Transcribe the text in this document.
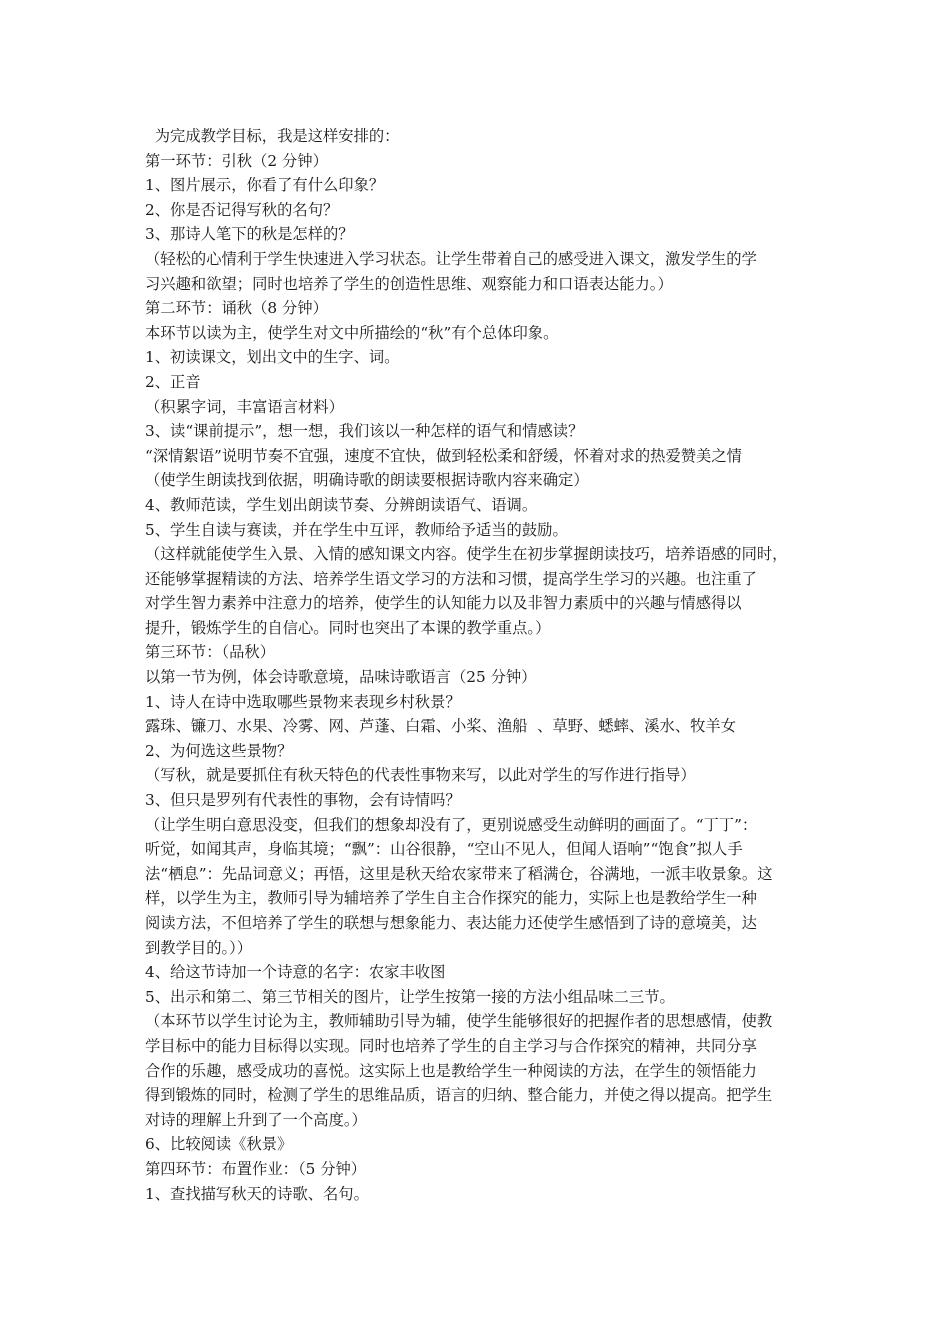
为完成教学目标，我是这样安排的：
第一环节：引秋（2 分钟）
1、图片展示，你看了有什么印象？
2、你是否记得写秋的名句？
3、那诗人笔下的秋是怎样的？
（轻松的心情利于学生快速进入学习状态。让学生带着自己的感受进入课文，激发学生的学
习兴趣和欲望；同时也培养了学生的创造性思维、观察能力和口语表达能力。）
第二环节：诵秋（8 分钟）
本环节以读为主，使学生对文中所描绘的“秋”有个总体印象。
1、初读课文，划出文中的生字、词。
2、正音
（积累字词，丰富语言材料）
3、读“课前提示”，想一想，我们该以一种怎样的语气和情感读？
“深情絮语”说明节奏不宜强，速度不宜快，做到轻松柔和舒缓，怀着对求的热爱赞美之情
（使学生朗读找到依据，明确诗歌的朗读要根据诗歌内容来确定）
4、教师范读，学生划出朗读节奏、分辨朗读语气、语调。
5、学生自读与赛读，并在学生中互评，教师给予适当的鼓励。
（这样就能使学生入景、入情的感知课文内容。使学生在初步掌握朗读技巧，培养语感的同时，
还能够掌握精读的方法、培养学生语文学习的方法和习惯，提高学生学习的兴趣。也注重了
对学生智力素养中注意力的培养，使学生的认知能力以及非智力素质中的兴趣与情感得以
提升，锻炼学生的自信心。同时也突出了本课的教学重点。）
第三环节：（品秋）
以第一节为例，体会诗歌意境，品味诗歌语言（25 分钟）
1、诗人在诗中选取哪些景物来表现乡村秋景？
露珠、镰刀、水果、冷雾、网、芦蓬、白霜、小桨、渔船  、草野、蟋蟀、溪水、牧羊女
2、为何选这些景物？
（写秋，就是要抓住有秋天特色的代表性事物来写，以此对学生的写作进行指导）
3、但只是罗列有代表性的事物，会有诗情吗？
（让学生明白意思没变，但我们的想象却没有了，更别说感受生动鲜明的画面了。“丁丁”：
听觉，如闻其声，身临其境；“飘”：山谷很静，“空山不见人，但闻人语响”“饱食”拟人手
法“栖息”：先品词意义；再悟，这里是秋天给农家带来了稻满仓，谷满地，一派丰收景象。这
样，以学生为主，教师引导为辅培养了学生自主合作探究的能力，实际上也是教给学生一种
阅读方法，不但培养了学生的联想与想象能力、表达能力还使学生感悟到了诗的意境美，达
到教学目的。））
4、给这节诗加一个诗意的名字：农家丰收图
5、出示和第二、第三节相关的图片，让学生按第一接的方法小组品味二三节。
（本环节以学生讨论为主，教师辅助引导为辅，使学生能够很好的把握作者的思想感情，使教
学目标中的能力目标得以实现。同时也培养了学生的自主学习与合作探究的精神，共同分享
合作的乐趣，感受成功的喜悦。这实际上也是教给学生一种阅读的方法，在学生的领悟能力
得到锻炼的同时，检测了学生的思维品质，语言的归纳、整合能力，并使之得以提高。把学生
对诗的理解上升到了一个高度。）
6、比较阅读《秋景》
第四环节：布置作业：（5 分钟）
1、查找描写秋天的诗歌、名句。
